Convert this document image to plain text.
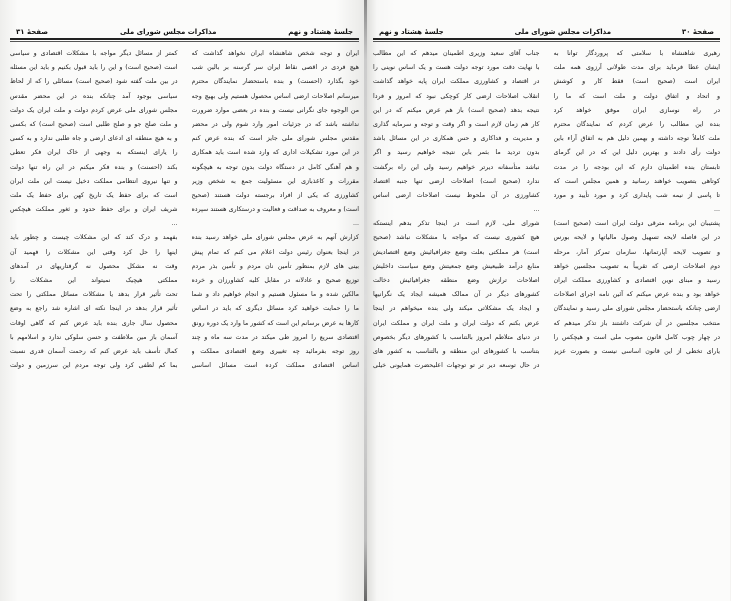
جلسهٔ هشتاد و نهم
مذاکرات مجلس شورای ملی
صفحهٔ ۳۱
ایران و توجه شخص شاهنشاه ایران نخواهد گذاشت که
هیچ فردی در اقصی نقاط ایران سر گرسنه بر بالین شب
خود بگذارد (احسنت) و بنده باستحضار نمایندگان محترم
میرسانم اصلاحات ارضی اساس محصول هستیم ولی بهیچ وجه
من الوجوه جای نگرانی نیست و بنده در بعضی موارد ضرورت
نداشته باشد که در جزئیات امور وارد شوم ولی در محضر
مقدس مجلس شورای ملی جایز است که بنده عرض کنم
در این مورد تشکیلات اداری که وارد شده است باید همکاری
و هم آهنگی کامل در دستگاه دولت بدون توجه به هیچگونه
مقررات و کاغذبازی این مسئولیت جمع به شخص وزیر
کشاورزی که یکی از افراد برجسته دولت هستند (صحیح
است) و معروف به صداقت و فعالیت و درستکاری هستند سپرده
...
کزارش آنهم به عرض مجلس شورای ملی خواهد رسید بنده
در اینجا بعنوان رئیس دولت اعلام می کنم که تمام پیش
بینی های لازم بمنظور تأمین نان مردم و تأمین بذر مردم
توزیع صحیح و عادلانه در مقابل کلیه کشاورزان و خرده
مالکین شده و ما مسئول هستیم و انجام خواهیم داد و شما
ما را حمایت خواهید کرد مسائل دیگری که باید در اساس
کارها به عرض برسانم این است که کشور ما وارد یک دوره رونق
اقتصادی سریع را امروز طی میکند در مدت سه ماه و چند
روز توجه بفرمائید چه تغییری وضع اقتصادی مملکت و
اساس اقتصادی مملکت کرده است مسائل اساسی
کمتر از مسائل دیگر مواجه با مشکلات اقتصادی و سیاسی
است (صحیح است) و این را باید قبول بکنیم و باید این مسئله
در بین ملت گفته شود (صحیح است) مسائلی را که از لحاظ
سیاسی بوجود آمد چنانکه بنده در این محضر مقدس
مجلس شورای ملی عرض کردم دولت و ملت ایران یک دولت
و ملت صلح جو و صلح طلبی است (صحیح است) که بکسی
و به هیچ منطقه ای ادعای ارضی و جاه طلبی ندارد و به کسی
را یارای اینستکه به وجهی از خاک ایران فکر تعطی
بکند (احسنت) و بنده فکر میکنم در این راه تنها دولت
و تنها نیروی انتظامی مملکت دخیل نیست این ملت ایران
است که برای حفظ یک تاریخ کهن برای حفظ یک ملت
شریف ایران و برای حفظ حدود و ثغور مملکت هیچکس
...
بفهمد و درک کند که این مشکلات چیست و چطور باید
اینها را حل کرد وقتی این مشکلات را فهمید آن
وقت نه مشکل محصول نه گرفتاریهای در آمدهای
مملکتی هیچیک نمیتواند این مشکلات را
تحت تأثیر قرار بدهد یا مشکلات مسائل مملکتی را تحت
تأثیر قرار بدهد در اینجا نکته ای اشاره شد راجع به وضع
محصول سال جاری بنده باید عرض کنم که گاهی اوقات
آسمان باز مین ملاطفت و حسن سلوکی ندارد و اسلامهم با
کمال تأسف باید عرض کنم که رحمت آسمان قدری نسبت
بما کم لطفی کرد ولی توجه مردم این سرزمین و دولت
صفحهٔ ۳۰
مذاکرات مجلس شورای ملی
جلسهٔ هشتاد و نهم
رهبری شاهنشاه با سلامتی که پروردگار توانا به
ایشان عطا فرماید برای مدت طولانی آرزوی همه ملت
ایران است (صحیح است) فقط کار و کوشش
و اتحاد و اتفاق دولت و ملت است که ما را
در راه نوسازی ایران موفق خواهد کرد
بنده این مطالب را عرض کردم که نمایندگان محترم
ملت کاملاً توجه داشته و بهمین دلیل هم به اتفاق آراء باین
دولت رأی دادند و بهترین دلیل این که در این گرمای
تابستان بنده اطمینان دارم که این بودجه را در مدت
کوتاهی بتصویب خواهند رسانید و همین مجلس است که
تا پاسی از نیمه شب پایداری کرد و مورد تأیید و مورد
...
پشتیبان این برنامه مترقی دولت ایران است (صحیح است)
در این فاصله لایحه تسهیل وصول مالیاتها و لایحه بورس
و تصویب لایحه آپارتمانها، سازمان تمرکز آمار، مرحله
دوم اصلاحات ارضی که تقریباً به تصویب مجلسین خواهد
رسید و مبنای نوین اقتصادی و کشاورزی مملکت ایران
خواهد بود و بنده عرض میکنم که آئین نامه اجرای اصلاحات
ارضی چنانکه باستحضار مجلس شورای ملی رسید و نمایندگان
منتخب مجلسین در آن شرکت داشتند باز تذکر میدهم که
در چهار چوب کامل قانون مصوب ملی است و هیچکس را
یارای تخطی از این قانون اساسی نیست و بصورت عزیز
جناب آقای سعید وزیری اطمینان میدهم که این مطالب
با نهایت دقت مورد توجه دولت هست و یک اساس نوینی را
در اقتصاد و کشاورزی مملکت ایران پایه خواهد گذاشت
انقلاب اصلاحات ارضی کار کوچکی نبود که امروز و فردا
نتیجه بدهد (صحیح است) باز هم عرض میکنم که در این
کار هم زمان لازم است و اگر وقت و توجه و سرمایه گذاری
و مدیریت و فداکاری و حس همکاری در این مسائل باشد
بدون تردید ما بثمر باین نتیجه خواهیم رسید و اگر
نباشد متأسفانه دیرتر خواهیم رسید ولی این راه برگشت
ندارد (صحیح است) اصلاحات ارضی تنها جنبه اقتصاد
کشاورزی در آن ملحوظ نیست اصلاحات ارضی اساس
...
شورای ملی، لازم است در اینجا تذکر بدهم اینستکه
هیچ کشوری نیست که مواجه با مشکلات نباشد (صحیح
است) هر مملکتی بعلت وضع جغرافیائیش وضع اقتصادیش
منابع درآمد طبیعیش وضع جمعیتش وضع سیاست داخلیش
اصلاحات ترازش وضع منطقه جغرافیائیش دخالت
کشورهای دیگر در آن ممالک همیشه ایجاد یک نگرانیها
و ایجاد یک مشکلاتی میکند ولی بنده میخواهم در اینجا
عرض بکنم که دولت ایران و ملت ایران و مملکت ایران
در دنیای متلاطم امروز بالتناسب با کشورهای دیگر بخصوص
بتناسب با کشورهای این منطقه و بالتناسب به کشور های
در حال توسعه دیر تر تو توجهات اعلیحضرت همایونی خیلی
